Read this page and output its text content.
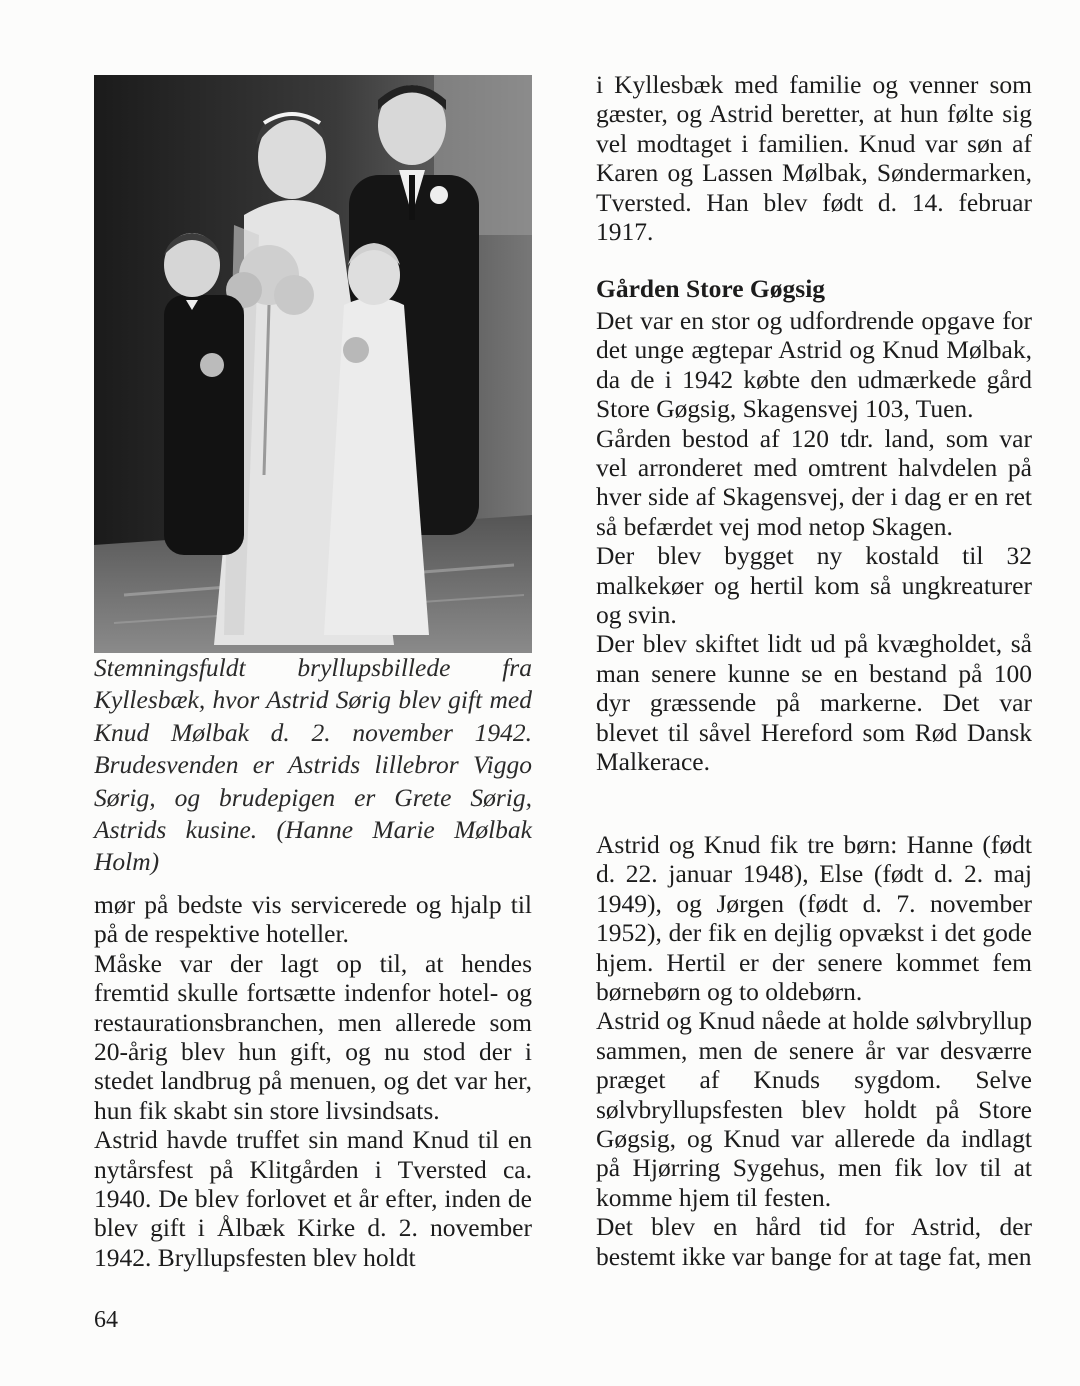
Stemningsfuldt bryllupsbillede fra Kyllesbæk, hvor Astrid Sørig blev gift med Knud Mølbak d. 2. november 1942. Brudesvenden er Astrids lillebror Viggo Sørig, og brudepigen er Grete Sørig, Astrids kusine. (Hanne Marie Mølbak Holm)

mør på bedste vis servicerede og hjalp til på de respektive hoteller.

Måske var der lagt op til, at hendes fremtid skulle fortsætte indenfor hotel- og restaurationsbranchen, men allerede som 20-årig blev hun gift, og nu stod der i stedet landbrug på menuen, og det var her, hun fik skabt sin store livsindsats.

Astrid havde truffet sin mand Knud til en nytårsfest på Klitgården i Tversted ca. 1940. De blev forlovet et år efter, inden de blev gift i Ålbæk Kirke d. 2. november 1942. Bryllupsfesten blev holdt

i Kyllesbæk med familie og venner som gæster, og Astrid beretter, at hun følte sig vel modtaget i familien. Knud var søn af Karen og Lassen Mølbak, Søndermarken, Tversted. Han blev født d. 14. februar 1917.

Gården Store Gøgsig

Det var en stor og udfordrende opgave for det unge ægtepar Astrid og Knud Mølbak, da de i 1942 købte den udmærkede gård Store Gøgsig, Skagensvej 103, Tuen.

Gården bestod af 120 tdr. land, som var vel arronderet med omtrent halvdelen på hver side af Skagensvej, der i dag er en ret så befærdet vej mod netop Skagen.

Der blev bygget ny kostald til 32 malkekøer og hertil kom så ungkreaturer og svin.

Der blev skiftet lidt ud på kvægholdet, så man senere kunne se en bestand på 100 dyr græssende på markerne. Det var blevet til såvel Hereford som Rød Dansk Malkerace.

Astrid og Knud fik tre børn: Hanne (født d. 22. januar 1948), Else (født d. 2. maj 1949), og Jørgen (født d. 7. november 1952), der fik en dejlig opvækst i det gode hjem. Hertil er der senere kommet fem børnebørn og to oldebørn.

Astrid og Knud nåede at holde sølvbryllup sammen, men de senere år var desværre præget af Knuds sygdom. Selve sølvbryllupsfesten blev holdt på Store Gøgsig, og Knud var allerede da indlagt på Hjørring Sygehus, men fik lov til at komme hjem til festen.

Det blev en hård tid for Astrid, der bestemt ikke var bange for at tage fat, men

64
